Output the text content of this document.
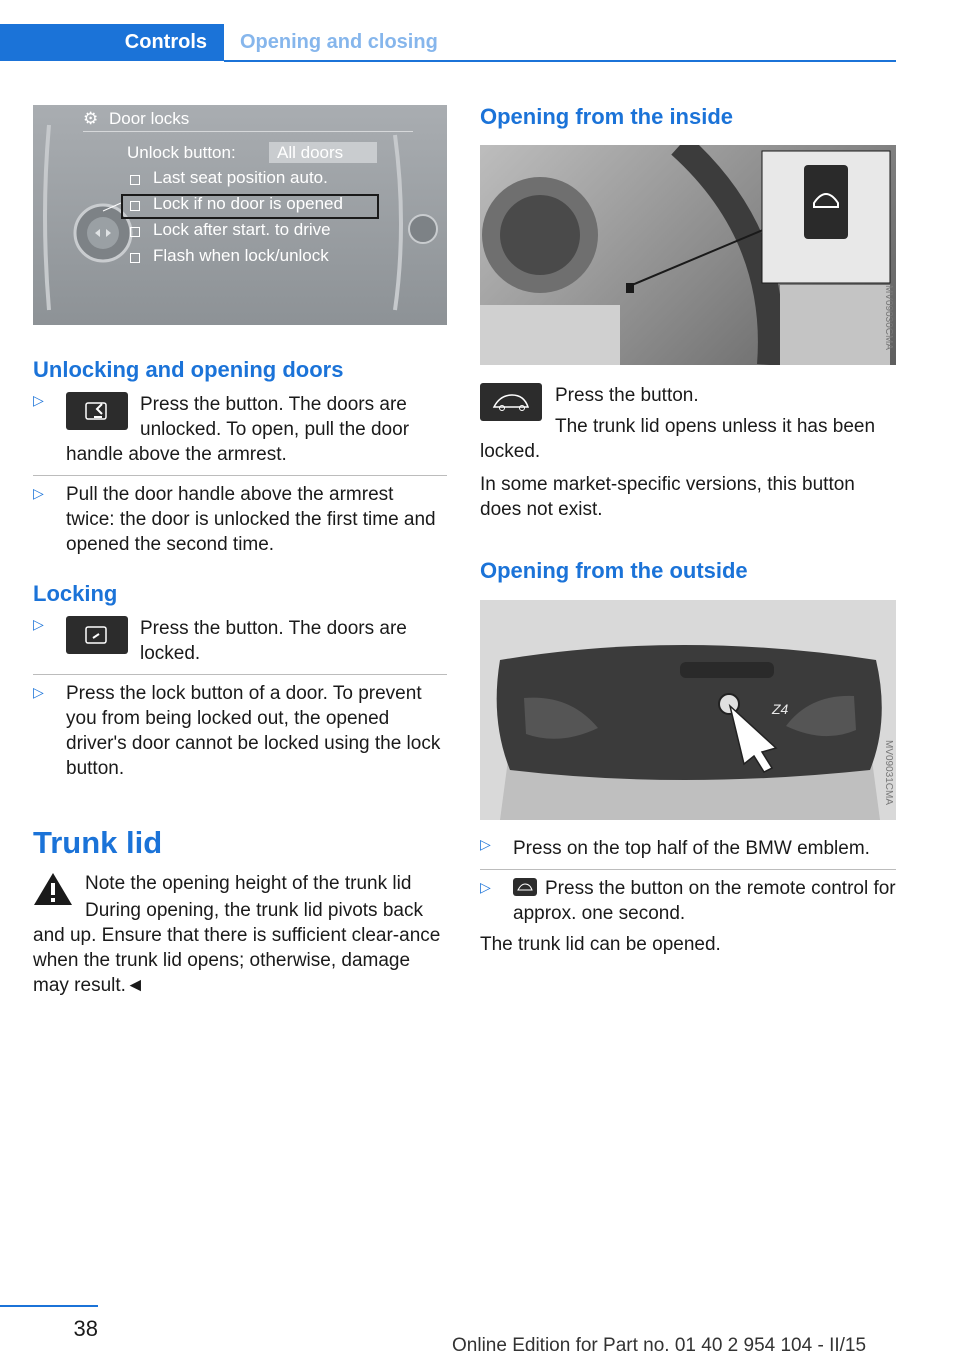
Controls	Opening and closing
⚙ Door locks
Unlock button:	All doors
Last seat position auto.
Lock if no door is opened
Lock after start. to drive
Flash when lock/unlock
Unlocking and opening doors
▷	Press the button. The doors are unlocked. To open, pull the door handle above the armrest.

▷ Pull the door handle above the armrest twice: the door is unlocked the first time and opened the second time.

Locking
▷	Press the button. The doors are locked.

▷ Press the lock button of a door. To prevent you from being locked out, the opened driver's door cannot be locked using the lock button.

Trunk lid

Note the opening height of the trunk lid

During opening, the trunk lid pivots back and up. Ensure that there is sufficient clear-ance when the trunk lid opens; otherwise, damage may result.◄

Opening from the inside
MV09030CMA

Press the button.

The trunk lid opens unless it has been locked.

In some market-specific versions, this button does not exist.

Opening from the outside
Z4
MV09031CMA
▷ Press on the top half of the BMW emblem.

▷	Press the button on the remote control for approx. one second.

The trunk lid can be opened.

38
Online Edition for Part no. 01 40 2 954 104 - II/15
